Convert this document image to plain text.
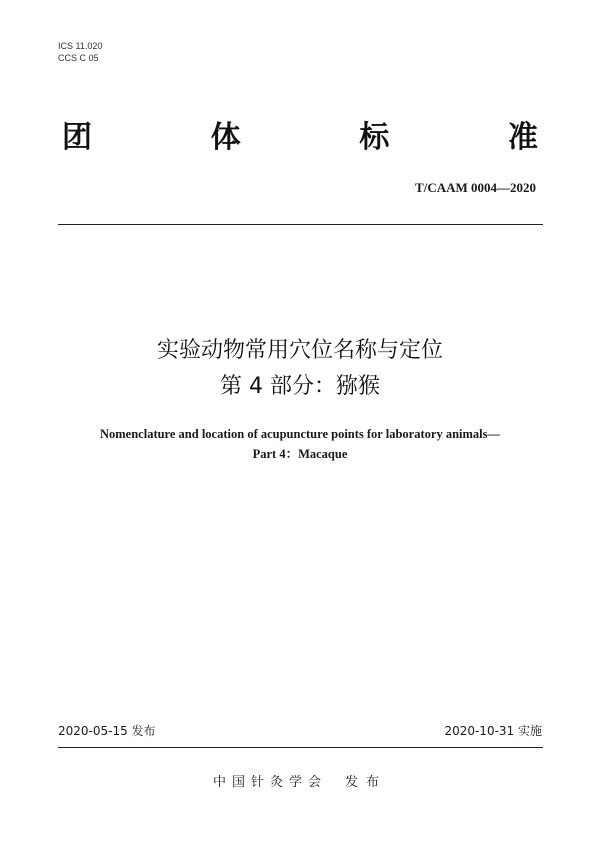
ICS 11.020
CCS C 05
团	体	标	准
T/CAAM 0004—2020
实验动物常用穴位名称与定位
第 4 部分：猕猴
Nomenclature and location of acupuncture points for laboratory animals—
Part 4：Macaque
2020-05-15 发布	2020-10-31 实施
中国针灸学会 发布
